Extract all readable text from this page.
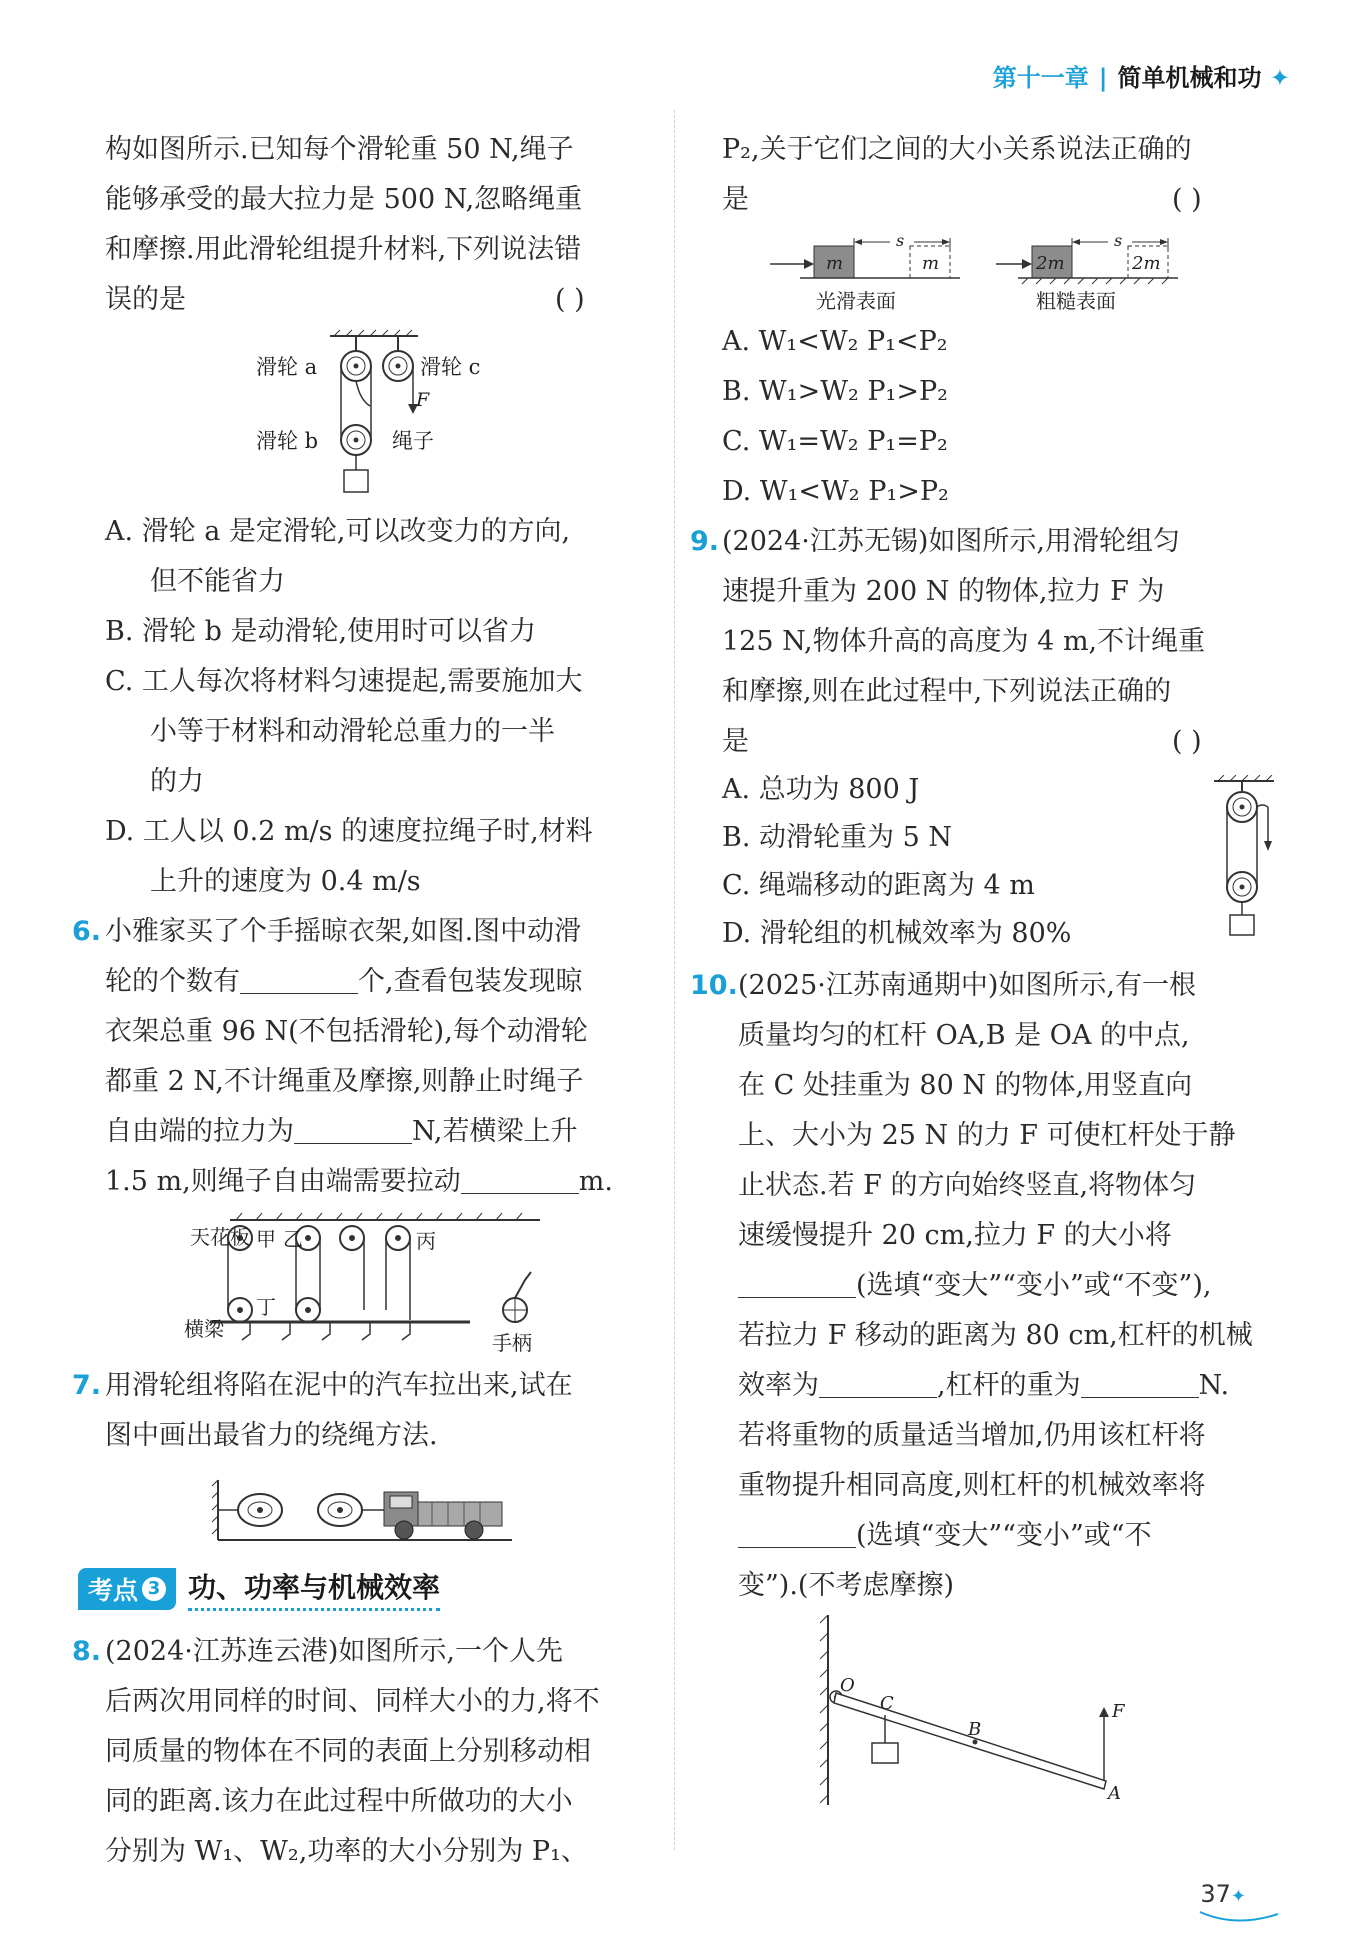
第十一章 | 简单机械和功 ✦
构如图所示.已知每个滑轮重 50 N,绳子
能够承受的最大拉力是 500 N,忽略绳重
和摩擦.用此滑轮组提升材料,下列说法错
误的是	( )
滑轮 a	滑轮 c
F
滑轮 b	绳子
A. 滑轮 a 是定滑轮,可以改变力的方向,
但不能省力
B. 滑轮 b 是动滑轮,使用时可以省力
C. 工人每次将材料匀速提起,需要施加大
小等于材料和动滑轮总重力的一半
的力
D. 工人以 0.2 m/s 的速度拉绳子时,材料
上升的速度为 0.4 m/s
6. 小雅家买了个手摇晾衣架,如图.图中动滑
轮的个数有	个,查看包装发现晾
衣架总重 96 N(不包括滑轮),每个动滑轮
都重 2 N,不计绳重及摩擦,则静止时绳子
自由端的拉力为	N,若横梁上升
1.5 m,则绳子自由端需要拉动	m.
天花板 甲 乙	丙
丁
横梁
手柄
7. 用滑轮组将陷在泥中的汽车拉出来,试在
图中画出最省力的绕绳方法.
考点 3 功、功率与机械效率
8. (2024·江苏连云港)如图所示,一个人先
后两次用同样的时间、同样大小的力,将不
同质量的物体在不同的表面上分别移动相
同的距离.该力在此过程中所做功的大小
分别为 W₁、W₂,功率的大小分别为 P₁、
P₂,关于它们之间的大小关系说法正确的
是	( )
m	m
s
光滑表面
2m	2m
s
粗糙表面
A. W₁<W₂ P₁<P₂
B. W₁>W₂ P₁>P₂
C. W₁=W₂ P₁=P₂
D. W₁<W₂ P₁>P₂
9. (2024·江苏无锡)如图所示,用滑轮组匀
速提升重为 200 N 的物体,拉力 F 为
125 N,物体升高的高度为 4 m,不计绳重
和摩擦,则在此过程中,下列说法正确的
是	( )
A. 总功为 800 J
B. 动滑轮重为 5 N
C. 绳端移动的距离为 4 m
D. 滑轮组的机械效率为 80%
10. (2025·江苏南通期中)如图所示,有一根
质量均匀的杠杆 OA,B 是 OA 的中点,
在 C 处挂重为 80 N 的物体,用竖直向
上、大小为 25 N 的力 F 可使杠杆处于静
止状态.若 F 的方向始终竖直,将物体匀
速缓慢提升 20 cm,拉力 F 的大小将
(选填“变大”“变小”或“不变”),
若拉力 F 移动的距离为 80 cm,杠杆的机械
效率为	,杠杆的重为	N.
若将重物的质量适当增加,仍用该杠杆将
重物提升相同高度,则杠杆的机械效率将
(选填“变大”“变小”或“不
变”).(不考虑摩擦)
O
C
B
F
A
37✦
